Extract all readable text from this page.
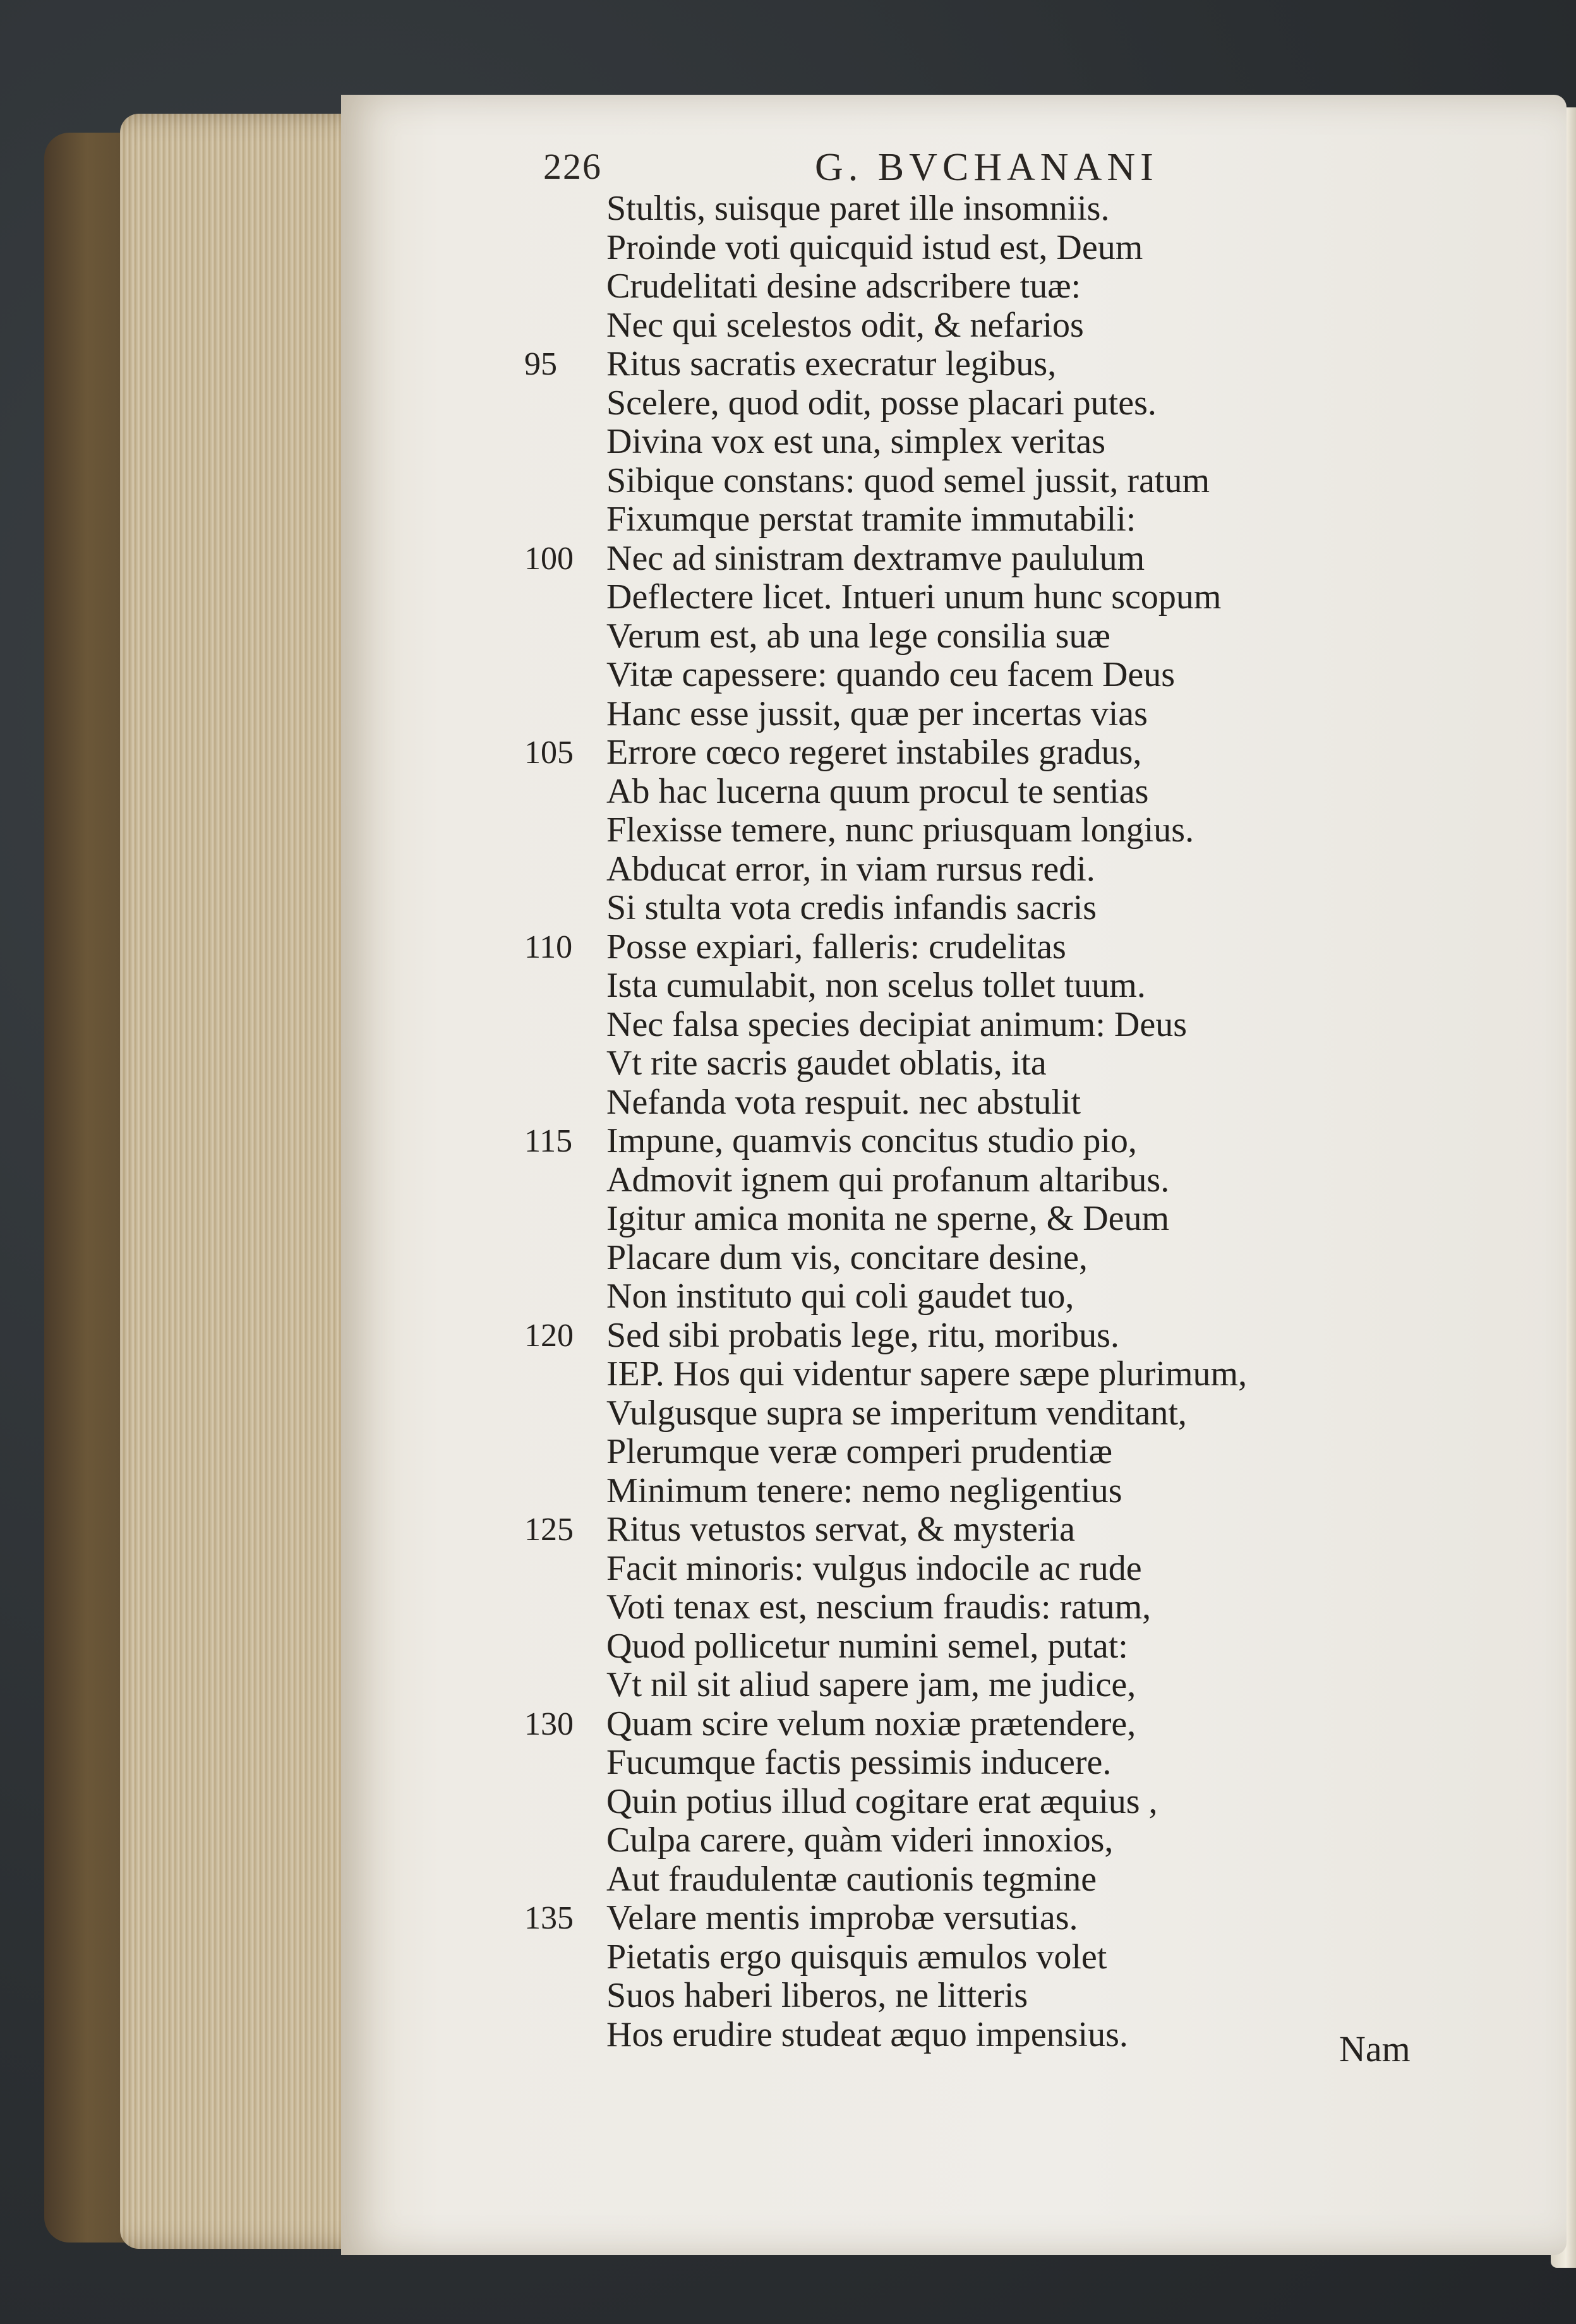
226	G. BVCHANANI
Stultis, suisque paret ille insomniis.
Proinde voti quicquid istud est, Deum
Crudelitati desine adscribere tuæ:
Nec qui scelestos odit, & nefarios
95	Ritus sacratis execratur legibus,
Scelere, quod odit, posse placari putes.
Divina vox est una, simplex veritas
Sibique constans: quod semel jussit, ratum
Fixumque perstat tramite immutabili:
100 Nec ad sinistram dextramve paululum
Deflectere licet. Intueri unum hunc scopum
Verum est, ab una lege consilia suæ
Vitæ capessere: quando ceu facem Deus
Hanc esse jussit, quæ per incertas vias
105 Errore cœco regeret instabiles gradus,
Ab hac lucerna quum procul te sentias
Flexisse temere, nunc priusquam longius.
Abducat error, in viam rursus redi.
Si stulta vota credis infandis sacris
110 Posse expiari, falleris: crudelitas
Ista cumulabit, non scelus tollet tuum.
Nec falsa species decipiat animum: Deus
Vt rite sacris gaudet oblatis, ita
Nefanda vota respuit. nec abstulit
115 Impune, quamvis concitus studio pio,
Admovit ignem qui profanum altaribus.
Igitur amica monita ne sperne, & Deum
Placare dum vis, concitare desine,
Non instituto qui coli gaudet tuo,
120 Sed sibi probatis lege, ritu, moribus.
IEP. Hos qui videntur sapere sæpe plurimum,
Vulgusque supra se imperitum venditant,
Plerumque veræ comperi prudentiæ
Minimum tenere: nemo negligentius
125 Ritus vetustos servat, & mysteria
Facit minoris: vulgus indocile ac rude
Voti tenax est, nescium fraudis: ratum,
Quod pollicetur numini semel, putat:
Vt nil sit aliud sapere jam, me judice,
130 Quam scire velum noxiæ prætendere,
Fucumque factis pessimis inducere.
Quin potius illud cogitare erat æquius ,
Culpa carere, quàm videri innoxios,
Aut fraudulentæ cautionis tegmine
135 Velare mentis improbæ versutias.
Pietatis ergo quisquis æmulos volet
Suos haberi liberos, ne litteris
Hos erudire studeat æquo impensius.	Nam
